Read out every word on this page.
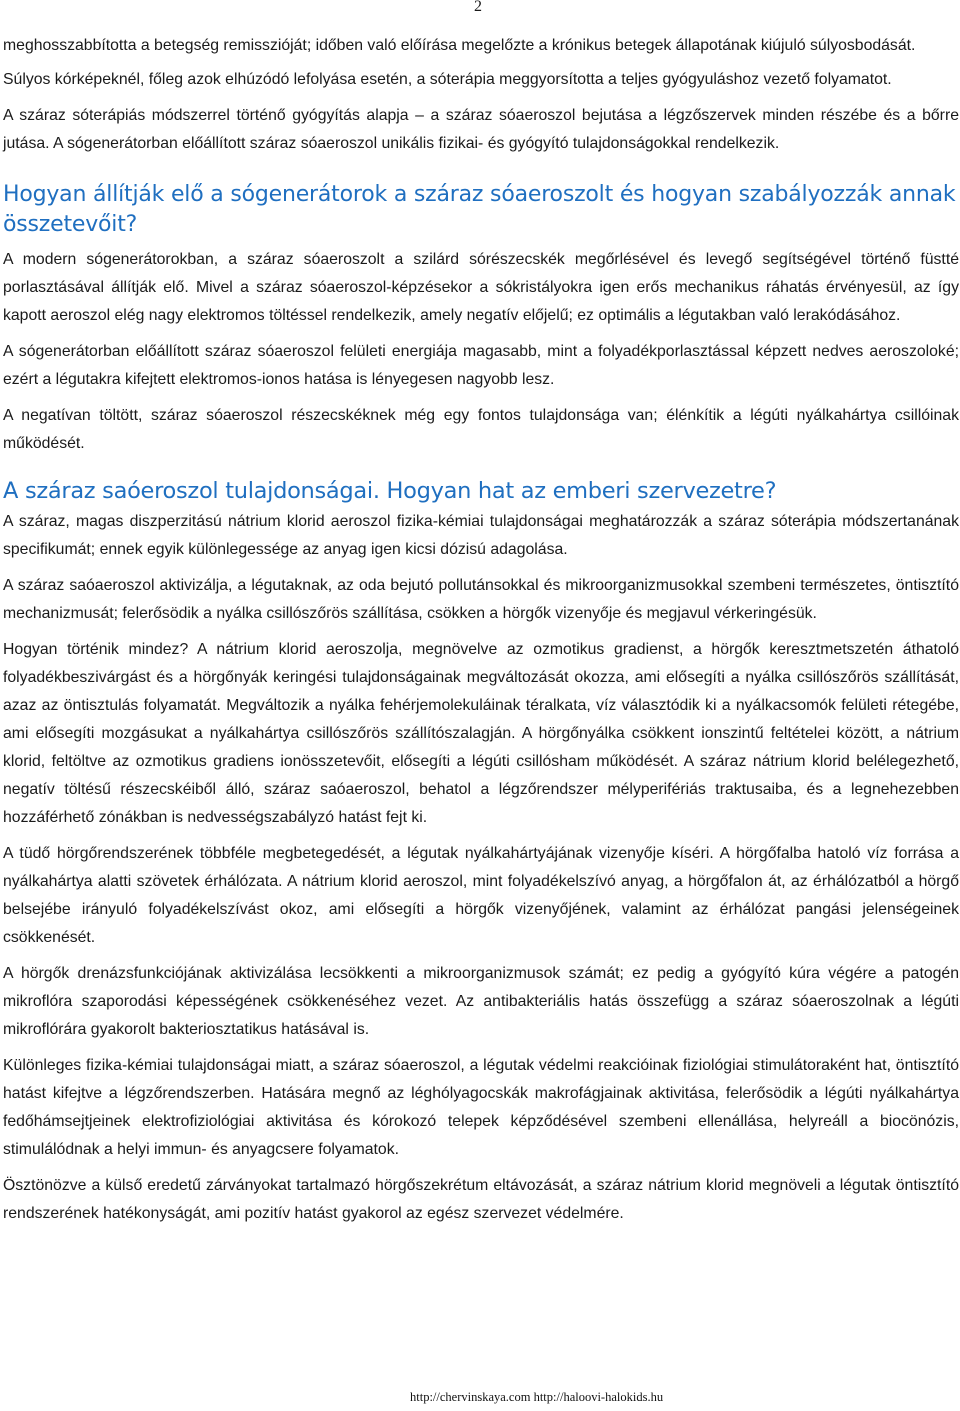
2

meghosszabbította a betegség remisszióját; időben való előírása megelőzte a krónikus betegek állapotának kiújuló súlyosbodását.

Súlyos kórképeknél, főleg azok elhúzódó lefolyása esetén, a sóterápia meggyorsította a teljes gyógyuláshoz vezető folyamatot.

A száraz sóterápiás módszerrel történő gyógyítás alapja – a száraz sóaeroszol bejutása a légzőszervek minden részébe és a bőrre jutása. A sógenerátorban előállított száraz sóaeroszol unikális fizikai- és gyógyító tulajdonságokkal rendelkezik.

Hogyan állítják elő a sógenerátorok a száraz sóaeroszolt és hogyan szabályozzák annak összetevőit?

A modern sógenerátorokban, a száraz sóaeroszolt a szilárd sórészecskék megőrlésével és levegő segítségével történő füstté porlasztásával állítják elő. Mivel a száraz sóaeroszol-képzésekor a sókristályokra igen erős mechanikus ráhatás érvényesül, az így kapott aeroszol elég nagy elektromos töltéssel rendelkezik, amely negatív előjelű; ez optimális a légutakban való lerakódásához.

A sógenerátorban előállított száraz sóaeroszol felületi energiája magasabb, mint a folyadékporlasztással képzett nedves aeroszoloké; ezért a légutakra kifejtett elektromos-ionos hatása is lényegesen nagyobb lesz.

A negatívan töltött, száraz sóaeroszol részecskéknek még egy fontos tulajdonsága van; élénkítik a légúti nyálkahártya csillóinak működését.

A száraz saóeroszol tulajdonságai. Hogyan hat az emberi szervezetre?

A száraz, magas diszperzitású nátrium klorid aeroszol fizika-kémiai tulajdonságai meghatározzák a száraz sóterápia módszertanának specifikumát; ennek egyik különlegessége az anyag igen kicsi dózisú adagolása.

A száraz saóaeroszol aktivizálja, a légutaknak, az oda bejutó pollutánsokkal és mikroorganizmusokkal szembeni természetes, öntisztító mechanizmusát; felerősödik a nyálka csillószőrös szállítása, csökken a hörgők vizenyője és megjavul vérkeringésük.

Hogyan történik mindez? A nátrium klorid aeroszolja, megnövelve az ozmotikus gradienst, a hörgők keresztmetszetén áthatoló folyadékbeszivárgást és a hörgőnyák keringési tulajdonságainak megváltozását okozza, ami elősegíti a nyálka csillószőrös szállítását, azaz az öntisztulás folyamatát. Megváltozik a nyálka fehérjemolekuláinak téralkata, víz választódik ki a nyálkacsomók felületi rétegébe, ami elősegíti mozgásukat a nyálkahártya csillószőrös szállítószalagján. A hörgőnyálka csökkent ionszintű feltételei között, a nátrium klorid, feltöltve az ozmotikus gradiens ionösszetevőit, elősegíti a légúti csillósham működését. A száraz nátrium klorid belélegezhető, negatív töltésű részecskéiből álló, száraz saóaeroszol, behatol a légzőrendszer mélyperifériás traktusaiba, és a legnehezebben hozzáférhető zónákban is nedvességszabályzó hatást fejt ki.

A tüdő hörgőrendszerének többféle megbetegedését, a légutak nyálkahártyájának vizenyője kíséri. A hörgőfalba hatoló víz forrása a nyálkahártya alatti szövetek érhálózata. A nátrium klorid aeroszol, mint folyadékelszívó anyag, a hörgőfalon át, az érhálózatból a hörgő belsejébe irányuló folyadékelszívást okoz, ami elősegíti a hörgők vizenyőjének, valamint az érhálózat pangási jelenségeinek csökkenését.

A hörgők drenázsfunkciójának aktivizálása lecsökkenti a mikroorganizmusok számát; ez pedig a gyógyító kúra végére a patogén mikroflóra szaporodási képességének csökkenéséhez vezet. Az antibakteriális hatás összefügg a száraz sóaeroszolnak a légúti mikroflórára gyakorolt bakteriosztatikus hatásával is.

Különleges fizika-kémiai tulajdonságai miatt, a száraz sóaeroszol, a légutak védelmi reakcióinak fiziológiai stimulátoraként hat, öntisztító hatást kifejtve a légzőrendszerben. Hatására megnő az léghólyagocskák makrofágjainak aktivitása, felerősödik a légúti nyálkahártya fedőhámsejtjeinek elektrofiziológiai aktivitása és kórokozó telepek képződésével szembeni ellenállása, helyreáll a biocönózis, stimulálódnak a helyi immun- és anyagcsere folyamatok.

Ösztönözve a külső eredetű zárványokat tartalmazó hörgőszekrétum eltávozását, a száraz nátrium klorid megnöveli a légutak öntisztító rendszerének hatékonyságát, ami pozitív hatást gyakorol az egész szervezet védelmére.

http://chervinskaya.com http://haloovi-halokids.hu
